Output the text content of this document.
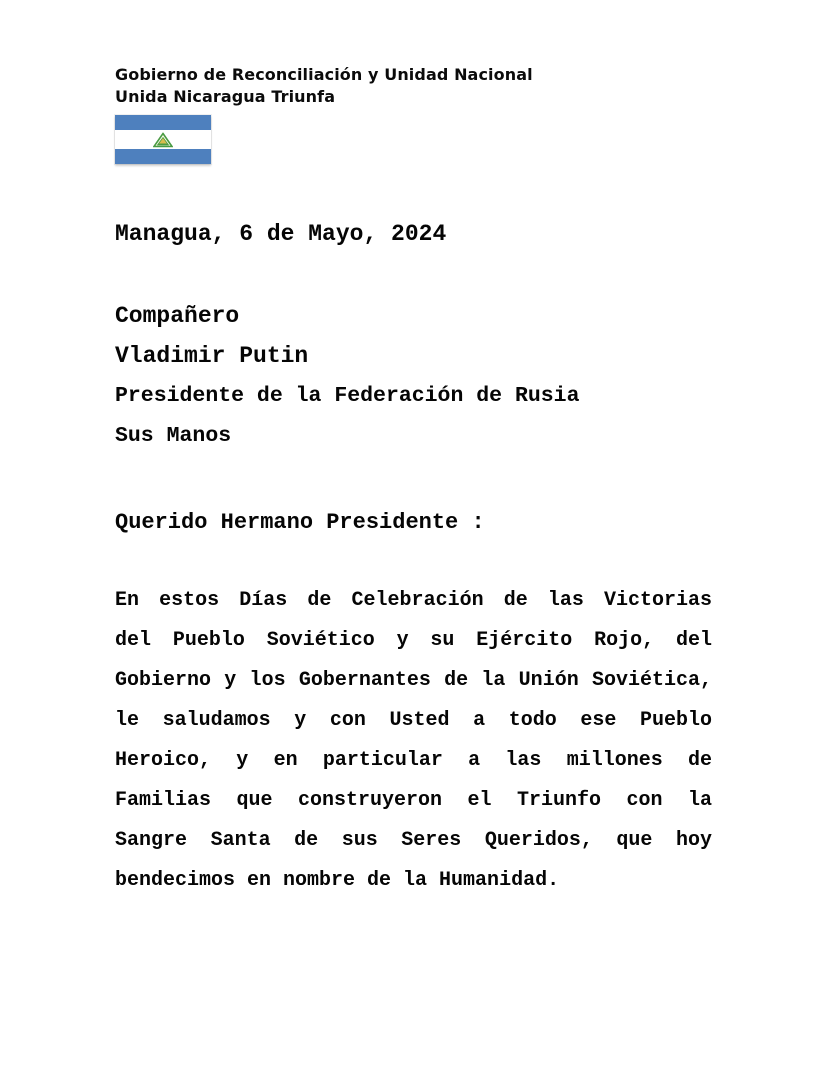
Gobierno de Reconciliación y Unidad Nacional
Unida Nicaragua Triunfa
Managua, 6 de Mayo, 2024
Compañero
Vladimir Putin
Presidente de la Federación de Rusia
Sus Manos
Querido Hermano Presidente :
En estos Días de Celebración de las Victorias
del Pueblo Soviético y su Ejército Rojo, del
Gobierno y los Gobernantes de la Unión Soviética,
le saludamos y con Usted a todo ese Pueblo
Heroico, y en particular a las millones de
Familias que construyeron el Triunfo con la
Sangre Santa de sus Seres Queridos, que hoy
bendecimos en nombre de la Humanidad.
